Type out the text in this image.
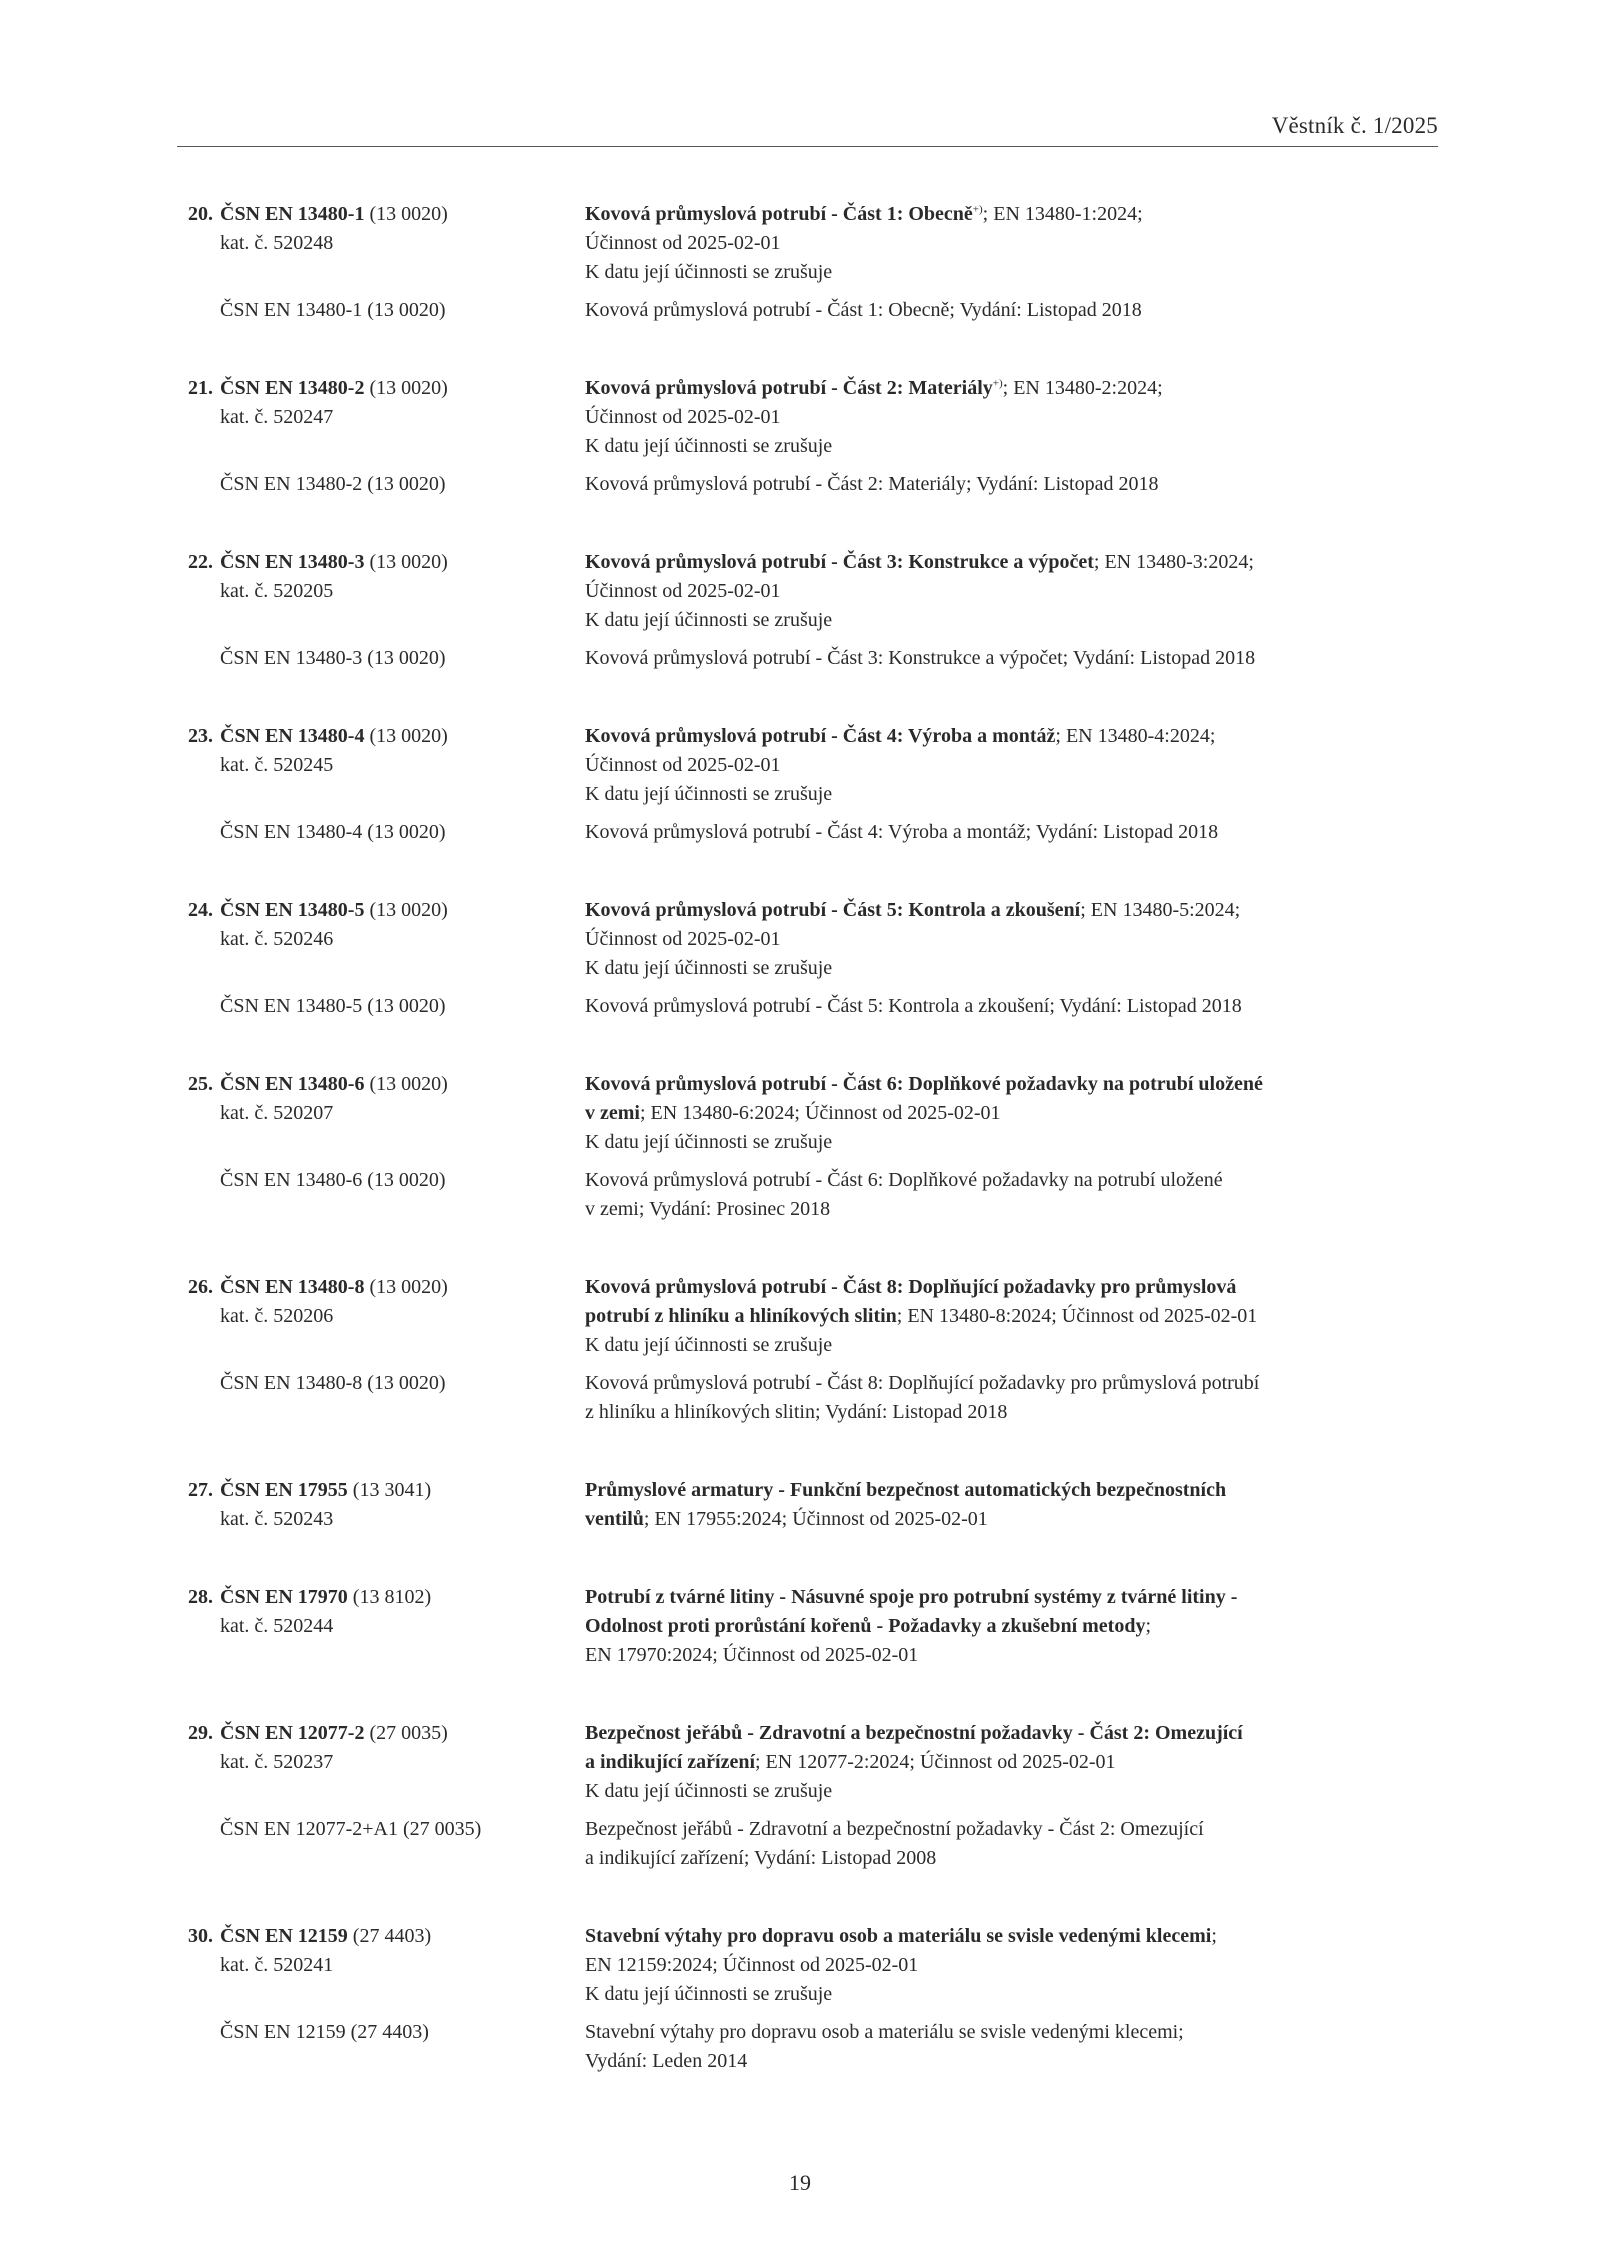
Věstník č. 1/2025
20. ČSN EN 13480-1 (13 0020)	Kovová průmyslová potrubí - Část 1: Obecně+); EN 13480-1:2024;
kat. č. 520248	Účinnost od 2025-02-01
K datu její účinnosti se zrušuje
ČSN EN 13480-1 (13 0020)	Kovová průmyslová potrubí - Část 1: Obecně; Vydání: Listopad 2018
21. ČSN EN 13480-2 (13 0020)	Kovová průmyslová potrubí - Část 2: Materiály+); EN 13480-2:2024;
kat. č. 520247	Účinnost od 2025-02-01
K datu její účinnosti se zrušuje
ČSN EN 13480-2 (13 0020)	Kovová průmyslová potrubí - Část 2: Materiály; Vydání: Listopad 2018
22. ČSN EN 13480-3 (13 0020)	Kovová průmyslová potrubí - Část 3: Konstrukce a výpočet; EN 13480-3:2024;
kat. č. 520205	Účinnost od 2025-02-01
K datu její účinnosti se zrušuje
ČSN EN 13480-3 (13 0020)	Kovová průmyslová potrubí - Část 3: Konstrukce a výpočet; Vydání: Listopad 2018
23. ČSN EN 13480-4 (13 0020)	Kovová průmyslová potrubí - Část 4: Výroba a montáž; EN 13480-4:2024;
kat. č. 520245	Účinnost od 2025-02-01
K datu její účinnosti se zrušuje
ČSN EN 13480-4 (13 0020)	Kovová průmyslová potrubí - Část 4: Výroba a montáž; Vydání: Listopad 2018
24. ČSN EN 13480-5 (13 0020)	Kovová průmyslová potrubí - Část 5: Kontrola a zkoušení; EN 13480-5:2024;
kat. č. 520246	Účinnost od 2025-02-01
K datu její účinnosti se zrušuje
ČSN EN 13480-5 (13 0020)	Kovová průmyslová potrubí - Část 5: Kontrola a zkoušení; Vydání: Listopad 2018
25. ČSN EN 13480-6 (13 0020)	Kovová průmyslová potrubí - Část 6: Doplňkové požadavky na potrubí uložené
kat. č. 520207	v zemi; EN 13480-6:2024; Účinnost od 2025-02-01
K datu její účinnosti se zrušuje
ČSN EN 13480-6 (13 0020)	Kovová průmyslová potrubí - Část 6: Doplňkové požadavky na potrubí uložené
v zemi; Vydání: Prosinec 2018
26. ČSN EN 13480-8 (13 0020)	Kovová průmyslová potrubí - Část 8: Doplňující požadavky pro průmyslová
kat. č. 520206	potrubí z hliníku a hliníkových slitin; EN 13480-8:2024; Účinnost od 2025-02-01
K datu její účinnosti se zrušuje
ČSN EN 13480-8 (13 0020)	Kovová průmyslová potrubí - Část 8: Doplňující požadavky pro průmyslová potrubí
z hliníku a hliníkových slitin; Vydání: Listopad 2018
27. ČSN EN 17955 (13 3041)	Průmyslové armatury - Funkční bezpečnost automatických bezpečnostních
kat. č. 520243	ventilů; EN 17955:2024; Účinnost od 2025-02-01
28. ČSN EN 17970 (13 8102)	Potrubí z tvárné litiny - Násuvné spoje pro potrubní systémy z tvárné litiny -
kat. č. 520244	Odolnost proti prorůstání kořenů - Požadavky a zkušební metody;
EN 17970:2024; Účinnost od 2025-02-01
29. ČSN EN 12077-2 (27 0035)	Bezpečnost jeřábů - Zdravotní a bezpečnostní požadavky - Část 2: Omezující
kat. č. 520237	a indikující zařízení; EN 12077-2:2024; Účinnost od 2025-02-01
K datu její účinnosti se zrušuje
ČSN EN 12077-2+A1 (27 0035)	Bezpečnost jeřábů - Zdravotní a bezpečnostní požadavky - Část 2: Omezující
a indikující zařízení; Vydání: Listopad 2008
30. ČSN EN 12159 (27 4403)	Stavební výtahy pro dopravu osob a materiálu se svisle vedenými klecemi;
kat. č. 520241	EN 12159:2024; Účinnost od 2025-02-01
K datu její účinnosti se zrušuje
ČSN EN 12159 (27 4403)	Stavební výtahy pro dopravu osob a materiálu se svisle vedenými klecemi;
Vydání: Leden 2014
19
